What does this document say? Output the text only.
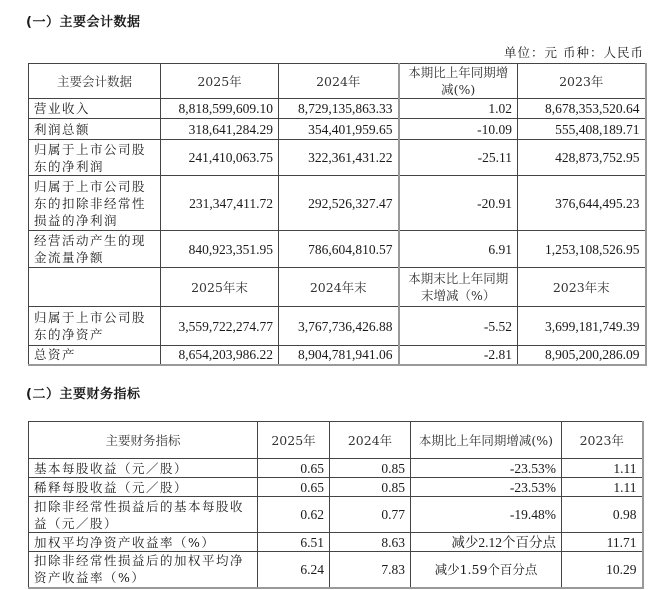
(一）主要会计数据
单位：元 币种：人民币
主要会计数据	2025年	2024年	本期比上年同期增减(%)	2023年
营业收入	8,818,599,609.10	8,729,135,863.33	1.02	8,678,353,520.64
利润总额	318,641,284.29	354,401,959.65	-10.09	555,408,189.71
归属于上市公司股东的净利润	241,410,063.75	322,361,431.22	-25.11	428,873,752.95
归属于上市公司股东的扣除非经常性损益的净利润	231,347,411.72	292,526,327.47	-20.91	376,644,495.23
经营活动产生的现金流量净额	840,923,351.95	786,604,810.57	6.91	1,253,108,526.95
	2025年末	2024年末	本期末比上年同期末增减（%）	2023年末
归属于上市公司股东的净资产	3,559,722,274.77	3,767,736,426.88	-5.52	3,699,181,749.39
总资产	8,654,203,986.22	8,904,781,941.06	-2.81	8,905,200,286.09
(二）主要财务指标
主要财务指标	2025年	2024年	本期比上年同期增减(%)	2023年
基本每股收益（元／股）	0.65	0.85	-23.53%	1.11
稀释每股收益（元／股）	0.65	0.85	-23.53%	1.11
扣除非经常性损益后的基本每股收益（元／股）	0.62	0.77	-19.48%	0.98
加权平均净资产收益率（%）	6.51	8.63	减少2.12个百分点	11.71
扣除非经常性损益后的加权平均净资产收益率（%）	6.24	7.83	减少1.59个百分点	10.29
